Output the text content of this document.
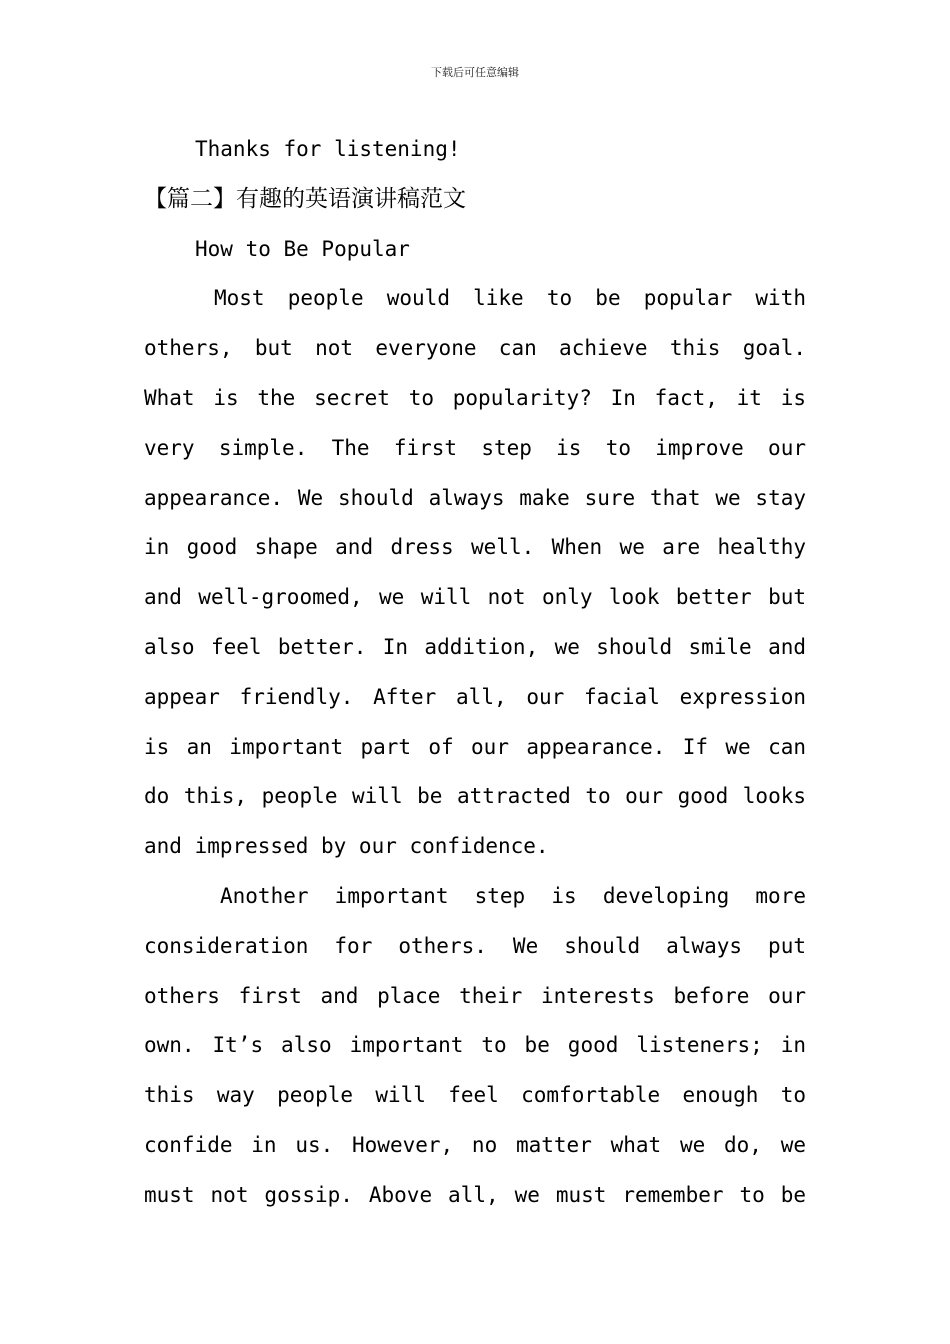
下载后可任意编辑
Thanks for listening!
【篇二】有趣的英语演讲稿范文
How to Be Popular
Most people would like to be popular with
others, but not everyone can achieve this goal.
What is the secret to popularity? In fact, it is
very simple. The first step is to improve our
appearance. We should always make sure that we stay
in good shape and dress well. When we are healthy
and well-groomed, we will not only look better but
also feel better. In addition, we should smile and
appear friendly. After all, our facial expression
is an important part of our appearance. If we can
do this, people will be attracted to our good looks
and impressed by our confidence.
Another important step is developing more
consideration for others. We should always put
others first and place their interests before our
own. It’s also important to be good listeners; in
this way people will feel comfortable enough to
confide in us. However, no matter what we do, we
must not gossip. Above all, we must remember to be
